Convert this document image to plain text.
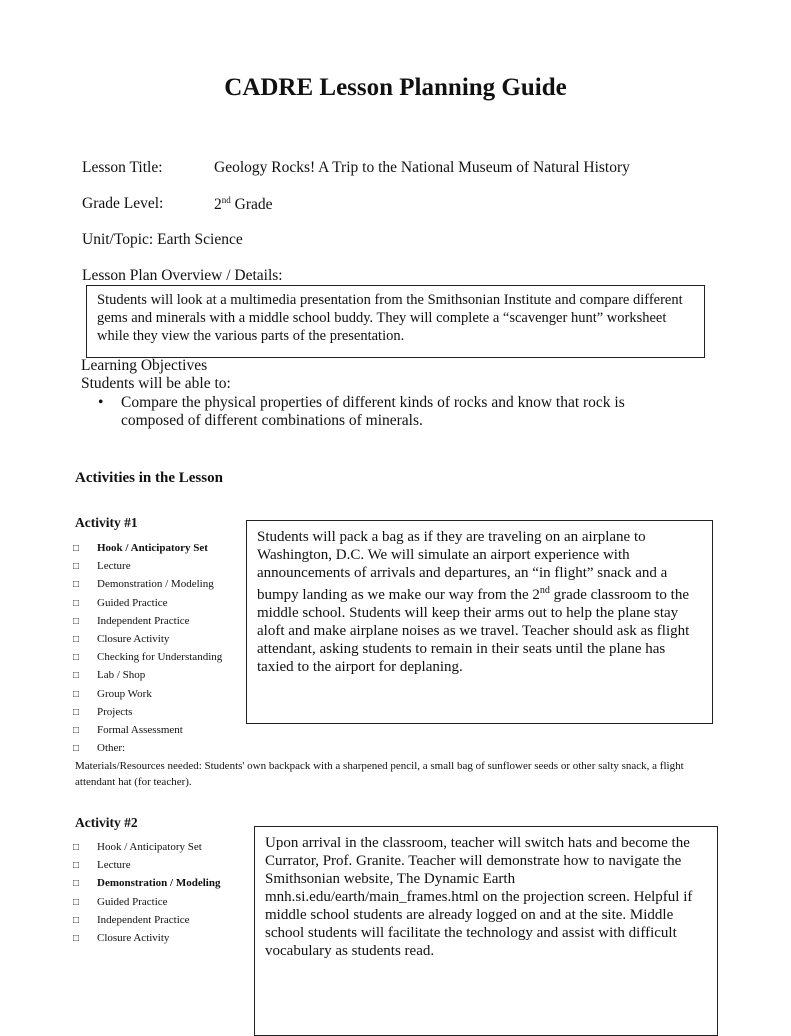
CADRE Lesson Planning Guide
Lesson Title:	Geology Rocks! A Trip to the National Museum of Natural History
Grade Level:	2nd Grade
Unit/Topic: Earth Science
Lesson Plan Overview / Details:
Students will look at a multimedia presentation from the Smithsonian Institute and compare different gems and minerals with a middle school buddy. They will complete a “scavenger hunt” worksheet while they view the various parts of the presentation.
Learning Objectives
Students will be able to:
• Compare the physical properties of different kinds of rocks and know that rock is composed of different combinations of minerals.
Activities in the Lesson
Activity #1
□ Hook / Anticipatory Set
□ Lecture
□ Demonstration / Modeling
□ Guided Practice
□ Independent Practice
□ Closure Activity
□ Checking for Understanding
□ Lab / Shop
□ Group Work
□ Projects
□ Formal Assessment
□ Other:
Students will pack a bag as if they are traveling on an airplane to Washington, D.C. We will simulate an airport experience with announcements of arrivals and departures, an “in flight” snack and a bumpy landing as we make our way from the 2nd grade classroom to the middle school. Students will keep their arms out to help the plane stay aloft and make airplane noises as we travel. Teacher should ask as flight attendant, asking students to remain in their seats until the plane has taxied to the airport for deplaning.
Materials/Resources needed: Students' own backpack with a sharpened pencil, a small bag of sunflower seeds or other salty snack, a flight attendant hat (for teacher).
Activity #2
□ Hook / Anticipatory Set
□ Lecture
□ Demonstration / Modeling
□ Guided Practice
□ Independent Practice
□ Closure Activity
Upon arrival in the classroom, teacher will switch hats and become the Currator, Prof. Granite. Teacher will demonstrate how to navigate the Smithsonian website, The Dynamic Earth mnh.si.edu/earth/main_frames.html on the projection screen. Helpful if middle school students are already logged on and at the site. Middle school students will facilitate the technology and assist with difficult vocabulary as students read.
